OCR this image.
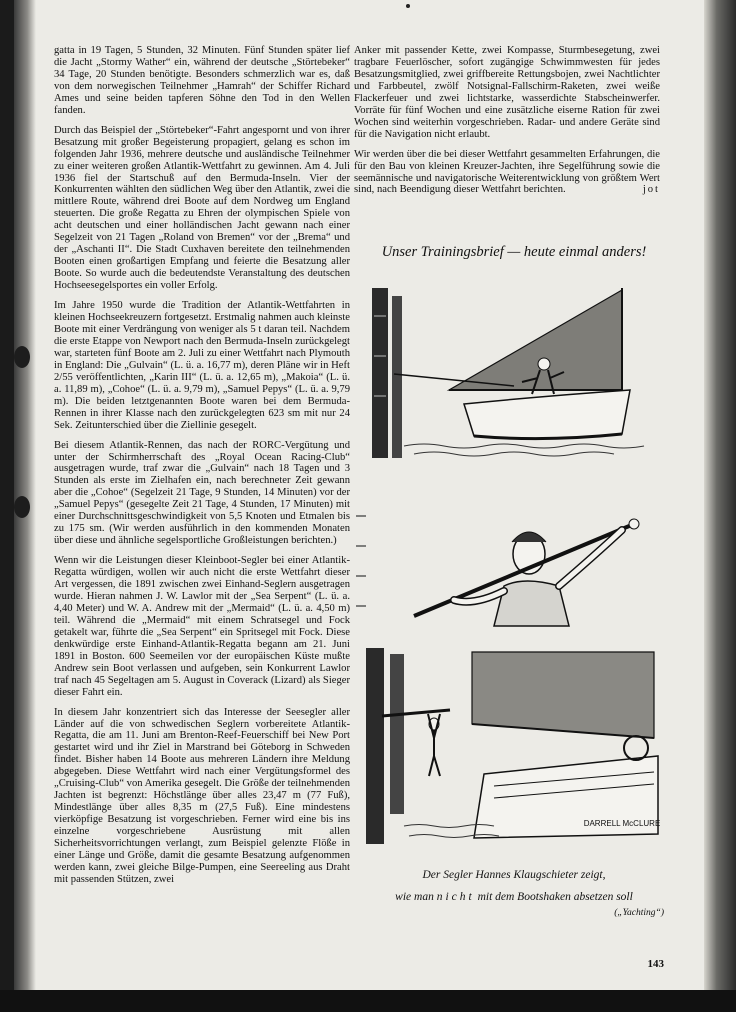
gatta in 19 Tagen, 5 Stunden, 32 Minuten. Fünf Stunden später lief die Jacht „Stormy Wather“ ein, während der deutsche „Störtebeker“ 34 Tage, 20 Stunden benötigte. Besonders schmerzlich war es, daß von dem norwegischen Teilnehmer „Hamrah“ der Schiffer Richard Ames und seine beiden tapferen Söhne den Tod in den Wellen fanden.

Durch das Beispiel der „Störtebeker“-Fahrt angespornt und von ihrer Besatzung mit großer Begeisterung propagiert, gelang es schon im folgenden Jahr 1936, mehrere deutsche und ausländische Teilnehmer zu einer weiteren großen Atlantik-Wettfahrt zu gewinnen. Am 4. Juli 1936 fiel der Startschuß auf den Bermuda-Inseln. Vier der Konkurrenten wählten den südlichen Weg über den Atlantik, zwei die mittlere Route, während drei Boote auf dem Nordweg um England steuerten. Die große Regatta zu Ehren der olympischen Spiele von acht deutschen und einer holländischen Jacht gewann nach einer Segelzeit von 21 Tagen „Roland von Bremen“ vor der „Brema“ und der „Aschanti II“. Die Stadt Cuxhaven bereitete den teilnehmenden Booten einen großartigen Empfang und feierte die Besatzung aller Boote. So wurde auch die bedeutendste Veranstaltung des deutschen Hochseesegelsportes ein voller Erfolg.

Im Jahre 1950 wurde die Tradition der Atlantik-Wettfahrten in kleinen Hochseekreuzern fortgesetzt. Erstmalig nahmen auch kleinste Boote mit einer Verdrängung von weniger als 5 t daran teil. Nachdem die erste Etappe von Newport nach den Bermuda-Inseln zurückgelegt war, starteten fünf Boote am 2. Juli zu einer Wettfahrt nach Plymouth in England: Die „Gulvain“ (L. ü. a. 16,77 m), deren Pläne wir in Heft 2/55 veröffentlichten, „Karin III“ (L. ü. a. 12,65 m), „Makoia“ (L. ü. a. 11,89 m), „Cohoe“ (L. ü. a. 9,79 m), „Samuel Pepys“ (L. ü. a. 9,79 m). Die beiden letztgenannten Boote waren bei dem Bermuda-Rennen in ihrer Klasse nach den zurückgelegten 623 sm mit nur 24 Sek. Zeitunterschied über die Ziellinie gesegelt.

Bei diesem Atlantik-Rennen, das nach der RORC-Vergütung und unter der Schirmherrschaft des „Royal Ocean Racing-Club“ ausgetragen wurde, traf zwar die „Gulvain“ nach 18 Tagen und 3 Stunden als erste im Zielhafen ein, nach berechneter Zeit gewann aber die „Cohoe“ (Segelzeit 21 Tage, 9 Stunden, 14 Minuten) vor der „Samuel Pepys“ (gesegelte Zeit 21 Tage, 4 Stunden, 17 Minuten) mit einer Durchschnittsgeschwindigkeit von 5,5 Knoten und Etmalen bis zu 175 sm. (Wir werden ausführlich in den kommenden Monaten über diese und ähnliche segelsportliche Großleistungen berichten.)

Wenn wir die Leistungen dieser Kleinboot-Segler bei einer Atlantik-Regatta würdigen, wollen wir auch nicht die erste Wettfahrt dieser Art vergessen, die 1891 zwischen zwei Einhand-Seglern ausgetragen wurde. Hieran nahmen J. W. Lawlor mit der „Sea Serpent“ (L. ü. a. 4,40 Meter) und W. A. Andrew mit der „Mermaid“ (L. ü. a. 4,50 m) teil. Während die „Mermaid“ mit einem Schratsegel und Fock getakelt war, führte die „Sea Serpent“ ein Spritsegel mit Fock. Diese denkwürdige erste Einhand-Atlantik-Regatta begann am 21. Juni 1891 in Boston. 600 Seemeilen vor der europäischen Küste mußte Andrew sein Boot verlassen und aufgeben, sein Konkurrent Lawlor traf nach 45 Segeltagen am 5. August in Coverack (Lizard) als Sieger dieser Fahrt ein.

In diesem Jahr konzentriert sich das Interesse der Seesegler aller Länder auf die von schwedischen Seglern vorbereitete Atlantik-Regatta, die am 11. Juni am Brenton-Reef-Feuerschiff bei New Port gestartet wird und ihr Ziel in Marstrand bei Göteborg in Schweden findet. Bisher haben 14 Boote aus mehreren Ländern ihre Meldung abgegeben. Diese Wettfahrt wird nach einer Vergütungsformel des „Cruising-Club“ von Amerika gesegelt. Die Größe der teilnehmenden Jachten ist begrenzt: Höchstlänge über alles 23,47 m (77 Fuß), Mindestlänge über alles 8,35 m (27,5 Fuß). Eine mindestens vierköpfige Besatzung ist vorgeschrieben. Ferner wird eine bis ins einzelne vorgeschriebene Ausrüstung mit allen Sicherheitsvorrichtungen verlangt, zum Beispiel gelenzte Flöße in einer Länge und Größe, damit die gesamte Besatzung aufgenommen werden kann, zwei gleiche Bilge-Pumpen, eine Seereeling aus Draht mit passenden Stützen, zwei

Anker mit passender Kette, zwei Kompasse, Sturmbesegetung, zwei tragbare Feuerlöscher, sofort zugängige Schwimmwesten für jedes Besatzungsmitglied, zwei griffbereite Rettungsbojen, zwei Nachtlichter und Farbbeutel, zwölf Notsignal-Fallschirm-Raketen, zwei weiße Flackerfeuer und zwei lichtstarke, wasserdichte Stabscheinwerfer. Vorräte für fünf Wochen und eine zusätzliche eiserne Ration für zwei Wochen sind weiterhin vorgeschrieben. Radar- und andere Geräte sind für die Navigation nicht erlaubt.

Wir werden über die bei dieser Wettfahrt gesammelten Erfahrungen, die für den Bau von kleinen Kreuzer-Jachten, ihre Segelführung sowie die seemännische und navigatorische Weiterentwicklung von größtem Wert sind, nach Beendigung dieser Wettfahrt berichten.	jot

Unser Trainingsbrief — heute einmal anders!
DARRELL McCLURE
Der Segler Hannes Klaugschieter zeigt,
wie man nicht mit dem Bootshaken absetzen soll
(„Yachting“)
143
